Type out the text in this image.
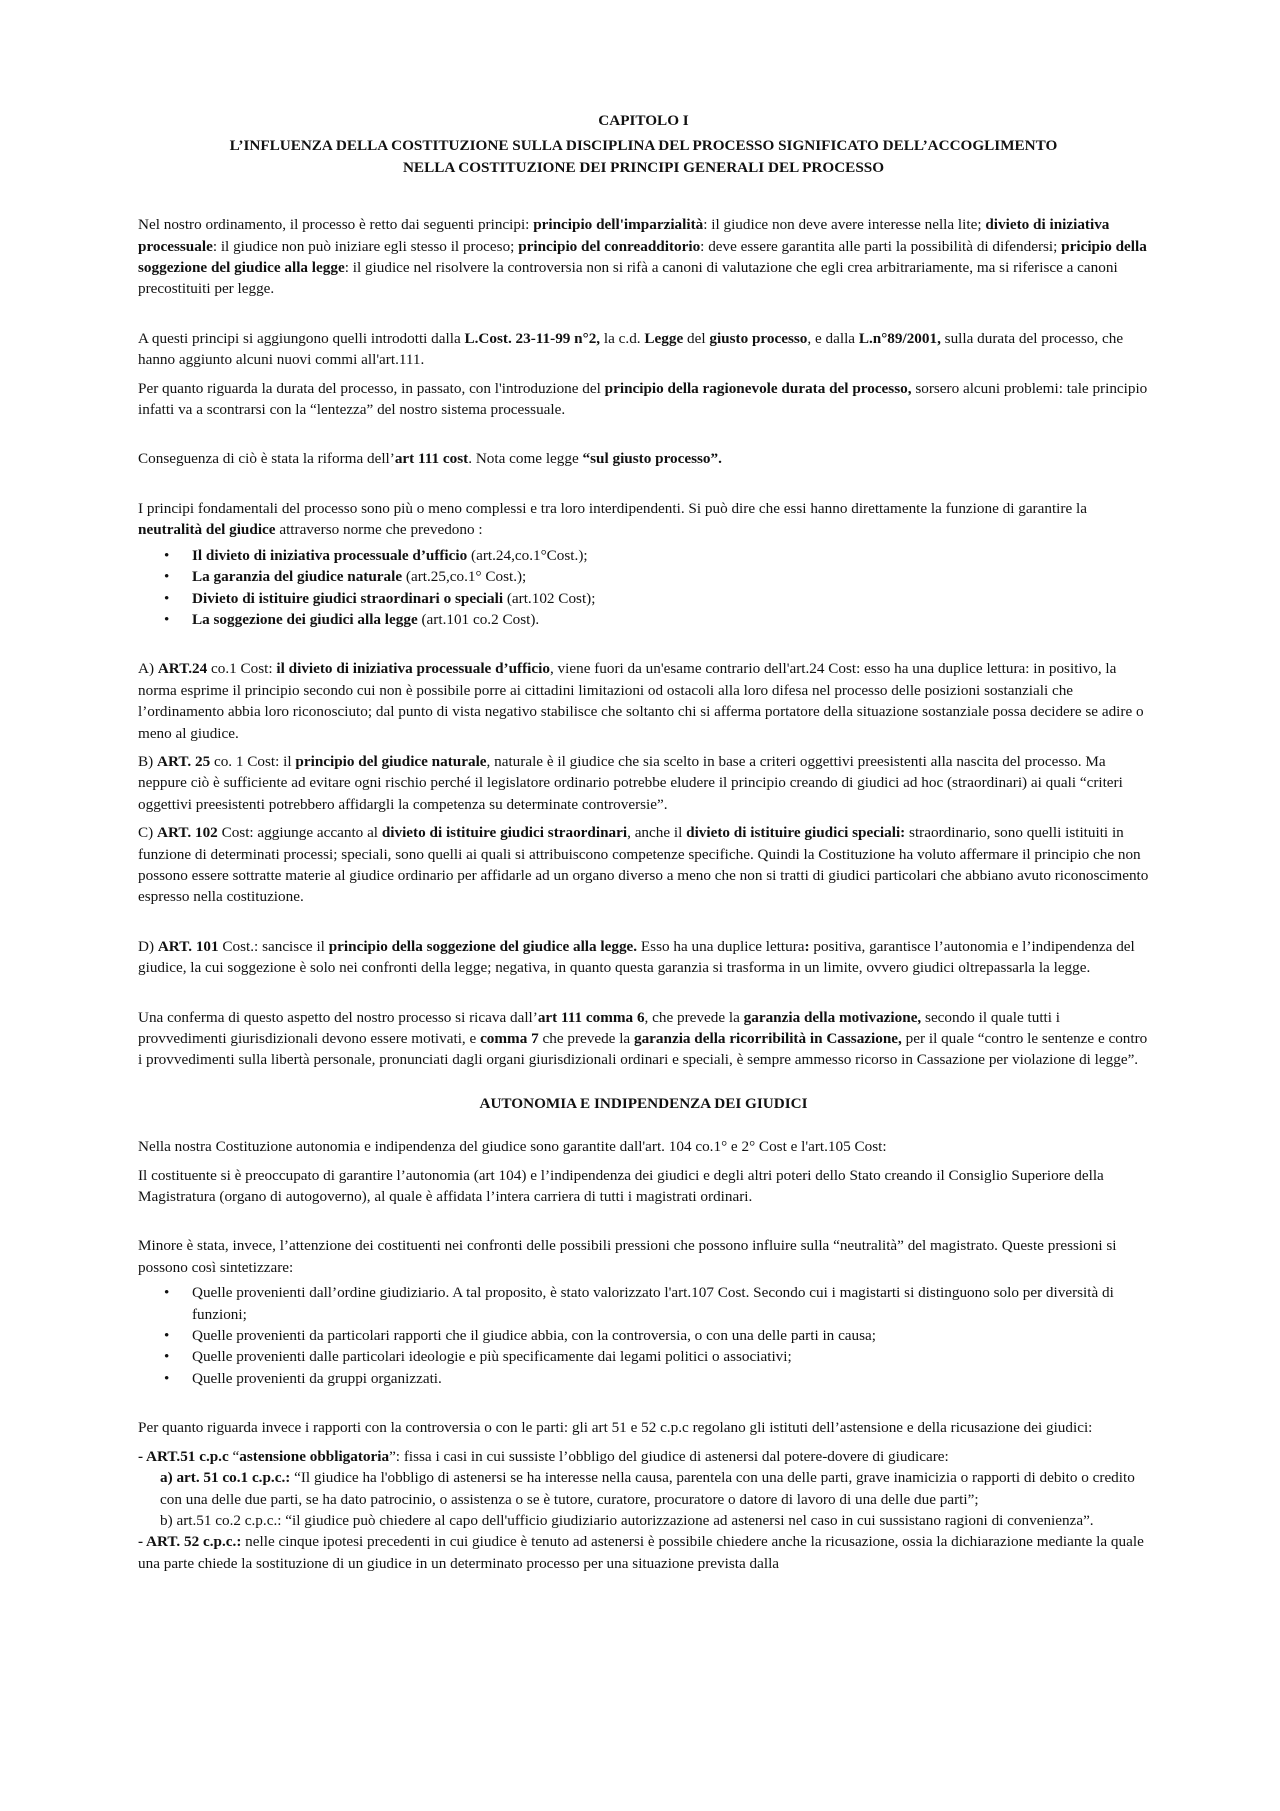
CAPITOLO I

L’INFLUENZA DELLA COSTITUZIONE SULLA DISCIPLINA DEL PROCESSO SIGNIFICATO DELL’ACCOGLIMENTO
NELLA COSTITUZIONE DEI PRINCIPI GENERALI DEL PROCESSO

Nel nostro ordinamento, il processo è retto dai seguenti principi: principio dell'imparzialità: il giudice non deve avere interesse nella lite; divieto di iniziativa processuale: il giudice non può iniziare egli stesso il proceso; principio del conreadditorio: deve essere garantita alle parti la possibilità di difendersi; pricipio della soggezione del giudice alla legge: il giudice nel risolvere la controversia non si rifà a canoni di valutazione che egli crea arbitrariamente, ma si riferisce a canoni precostituiti per legge.

A questi principi si aggiungono quelli introdotti dalla L.Cost. 23-11-99 n°2, la c.d. Legge del giusto processo, e dalla L.n°89/2001, sulla durata del processo, che hanno aggiunto alcuni nuovi commi all'art.111.

Per quanto riguarda la durata del processo, in passato, con l'introduzione del principio della ragionevole durata del processo, sorsero alcuni problemi: tale principio infatti va a scontrarsi con la “lentezza” del nostro sistema processuale.

Conseguenza di ciò è stata la riforma dell’art 111 cost. Nota come legge “sul giusto processo”.

I principi fondamentali del processo sono più o meno complessi e tra loro interdipendenti. Si può dire che essi hanno direttamente la funzione di garantire la neutralità del giudice attraverso norme che prevedono :

• Il divieto di iniziativa processuale d’ufficio (art.24,co.1°Cost.);
• La garanzia del giudice naturale (art.25,co.1° Cost.);
• Divieto di istituire giudici straordinari o speciali (art.102 Cost);
• La soggezione dei giudici alla legge (art.101 co.2 Cost).

A) ART.24 co.1 Cost: il divieto di iniziativa processuale d’ufficio, viene fuori da un'esame contrario dell'art.24 Cost: esso ha una duplice lettura: in positivo, la norma esprime il principio secondo cui non è possibile porre ai cittadini limitazioni od ostacoli alla loro difesa nel processo delle posizioni sostanziali che l’ordinamento abbia loro riconosciuto; dal punto di vista negativo stabilisce che soltanto chi si afferma portatore della situazione sostanziale possa decidere se adire o meno al giudice.

B) ART. 25 co. 1 Cost: il principio del giudice naturale, naturale è il giudice che sia scelto in base a criteri oggettivi preesistenti alla nascita del processo. Ma neppure ciò è sufficiente ad evitare ogni rischio perché il legislatore ordinario potrebbe eludere il principio creando di giudici ad hoc (straordinari) ai quali “criteri oggettivi preesistenti potrebbero affidargli la competenza su determinate controversie”.

C) ART. 102 Cost: aggiunge accanto al divieto di istituire giudici straordinari, anche il divieto di istituire giudici speciali: straordinario, sono quelli istituiti in funzione di determinati processi; speciali, sono quelli ai quali si attribuiscono competenze specifiche. Quindi la Costituzione ha voluto affermare il principio che non possono essere sottratte materie al giudice ordinario per affidarle ad un organo diverso a meno che non si tratti di giudici particolari che abbiano avuto riconoscimento espresso nella costituzione.

D) ART. 101 Cost.: sancisce il principio della soggezione del giudice alla legge. Esso ha una duplice lettura: positiva, garantisce l’autonomia e l’indipendenza del giudice, la cui soggezione è solo nei confronti della legge; negativa, in quanto questa garanzia si trasforma in un limite, ovvero giudici oltrepassarla la legge.

Una conferma di questo aspetto del nostro processo si ricava dall’art 111 comma 6, che prevede la garanzia della motivazione, secondo il quale tutti i provvedimenti giurisdizionali devono essere motivati, e comma 7 che prevede la garanzia della ricorribilità in Cassazione, per il quale “contro le sentenze e contro i provvedimenti sulla libertà personale, pronunciati dagli organi giurisdizionali ordinari e speciali, è sempre ammesso ricorso in Cassazione per violazione di legge”.

AUTONOMIA E INDIPENDENZA DEI GIUDICI

Nella nostra Costituzione autonomia e indipendenza del giudice sono garantite dall'art. 104 co.1° e 2° Cost e l'art.105 Cost:

Il costituente si è preoccupato di garantire l’autonomia (art 104) e l’indipendenza dei giudici e degli altri poteri dello Stato creando il Consiglio Superiore della Magistratura (organo di autogoverno), al quale è affidata l’intera carriera di tutti i magistrati ordinari.

Minore è stata, invece, l’attenzione dei costituenti nei confronti delle possibili pressioni che possono influire sulla “neutralità” del magistrato. Queste pressioni si possono così sintetizzare:

• Quelle provenienti dall’ordine giudiziario. A tal proposito, è stato valorizzato l'art.107 Cost. Secondo cui i magistarti si distinguono solo per diversità di funzioni;
• Quelle provenienti da particolari rapporti che il giudice abbia, con la controversia, o con una delle parti in causa;
• Quelle provenienti dalle particolari ideologie e più specificamente dai legami politici o associativi;
• Quelle provenienti da gruppi organizzati.

Per quanto riguarda invece i rapporti con la controversia o con le parti: gli art 51 e 52 c.p.c regolano gli istituti dell’astensione e della ricusazione dei giudici:

- ART.51 c.p.c “astensione obbligatoria”: fissa i casi in cui sussiste l’obbligo del giudice di astenersi dal potere-dovere di giudicare:

a) art. 51 co.1 c.p.c.: “Il giudice ha l'obbligo di astenersi se ha interesse nella causa, parentela con una delle parti, grave inamicizia o rapporti di debito o credito con una delle due parti, se ha dato patrocinio, o assistenza o se è tutore, curatore, procuratore o datore di lavoro di una delle due parti”;

b) art.51 co.2 c.p.c.: “il giudice può chiedere al capo dell'ufficio giudiziario autorizzazione ad astenersi nel caso in cui sussistano ragioni di convenienza”.

- ART. 52 c.p.c.: nelle cinque ipotesi precedenti in cui giudice è tenuto ad astenersi è possibile chiedere anche la ricusazione, ossia la dichiarazione mediante la quale una parte chiede la sostituzione di un giudice in un determinato processo per una situazione prevista dalla
